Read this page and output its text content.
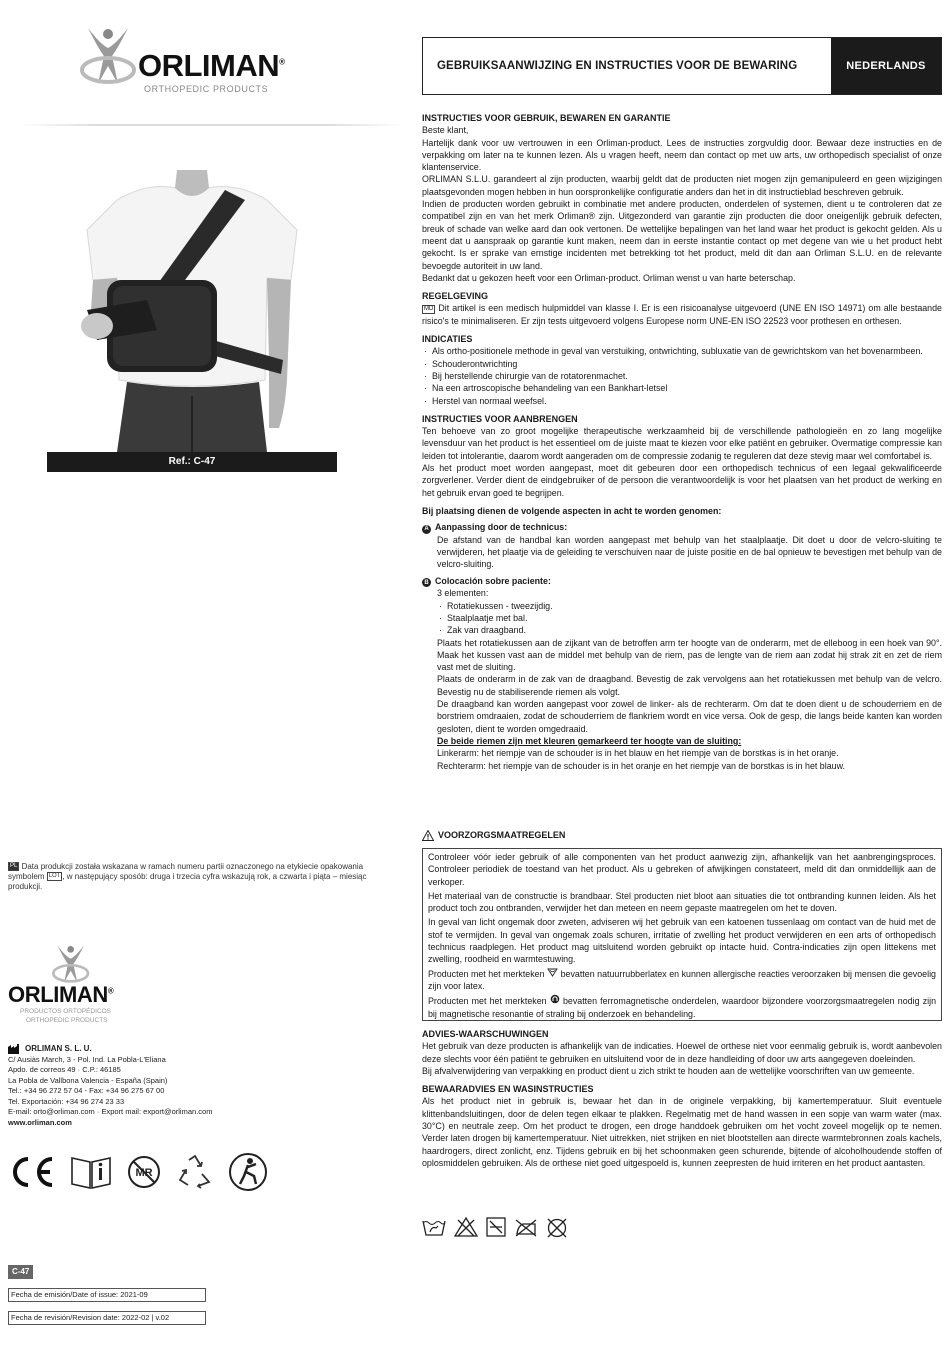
ORLIMAN®
ORTHOPEDIC PRODUCTS
Ref.: C-47
PL Data produkcji została wskazana w ramach numeru partii oznaczonego na etykiecie opakowania symbolem LOT , w następujący sposób: druga i trzecia cyfra wskazują rok, a czwarta i piąta – miesiąc produkcji.
ORLIMAN®
PRODUCTOS ORTOPÉDICOS
ORTHOPEDIC PRODUCTS
ORLIMAN S. L. U.
C/ Ausiàs March, 3 - Pol. Ind. La Pobla-L'Eliana
Apdo. de correos 49 · C.P.: 46185
La Pobla de Vallbona Valencia - España (Spain)
Tel.: +34 96 272 57 04 - Fax: +34 96 275 67 00
Tel. Exportación: +34 96 274 23 33
E-mail: orto@orliman.com · Export mail: export@orliman.com
www.orliman.com
MR
C-47
Fecha de emisión/Date of issue: 2021-09
Fecha de revisión/Revision date: 2022-02 | v.02
GEBRUIKSAANWIJZING EN INSTRUCTIES VOOR DE BEWARING	NEDERLANDS
INSTRUCTIES VOOR GEBRUIK, BEWAREN EN GARANTIE

Beste klant,

Hartelijk dank voor uw vertrouwen in een Orliman-product. Lees de instructies zorgvuldig door. Bewaar deze instructies en de verpakking om later na te kunnen lezen. Als u vragen heeft, neem dan contact op met uw arts, uw orthopedisch specialist of onze klantenservice.

ORLIMAN S.L.U. garandeert al zijn producten, waarbij geldt dat de producten niet mogen zijn gemanipuleerd en geen wijzigingen plaatsgevonden mogen hebben in hun oorspronkelijke configuratie anders dan het in dit instructieblad beschreven gebruik.

Indien de producten worden gebruikt in combinatie met andere producten, onderdelen of systemen, dient u te controleren dat ze compatibel zijn en van het merk Orliman® zijn. Uitgezonderd van garantie zijn producten die door oneigenlijk gebruik defecten, breuk of schade van welke aard dan ook vertonen. De wettelijke bepalingen van het land waar het product is gekocht gelden. Als u meent dat u aanspraak op garantie kunt maken, neem dan in eerste instantie contact op met degene van wie u het product hebt gekocht. Is er sprake van ernstige incidenten met betrekking tot het product, meld dit dan aan Orliman S.L.U. en de relevante bevoegde autoriteit in uw land.

Bedankt dat u gekozen heeft voor een Orliman-product. Orliman wenst u van harte beterschap.

REGELGEVING

MD Dit artikel is een medisch hulpmiddel van klasse I. Er is een risicoanalyse uitgevoerd (UNE EN ISO 14971) om alle bestaande risico's te minimaliseren. Er zijn tests uitgevoerd volgens Europese norm UNE-EN ISO 22523 voor prothesen en orthesen.

INDICATIES
· Als ortho-positionele methode in geval van verstuiking, ontwrichting, subluxatie van de gewrichtskom van het bovenarmbeen.
· Schouderontwrichting
· Bij herstellende chirurgie van de rotatorenmachet.
· Na een artroscopische behandeling van een Bankhart-letsel
· Herstel van normaal weefsel.
INSTRUCTIES VOOR AANBRENGEN

Ten behoeve van zo groot mogelijke therapeutische werkzaamheid bij de verschillende pathologieën en zo lang mogelijke levensduur van het product is het essentieel om de juiste maat te kiezen voor elke patiënt en gebruiker. Overmatige compressie kan leiden tot intolerantie, daarom wordt aangeraden om de compressie zodanig te reguleren dat deze stevig maar wel comfortabel is.

Als het product moet worden aangepast, moet dit gebeuren door een orthopedisch technicus of een legaal gekwalificeerde zorgverlener. Verder dient de eindgebruiker of de persoon die verantwoordelijk is voor het plaatsen van het product de werking en het gebruik ervan goed te begrijpen.

Bij plaatsing dienen de volgende aspecten in acht te worden genomen:

A Aanpassing door de technicus:

De afstand van de handbal kan worden aangepast met behulp van het staalplaatje. Dit doet u door de velcro-sluiting te verwijderen, het plaatje via de geleiding te verschuiven naar de juiste positie en de bal opnieuw te bevestigen met behulp van de velcro-sluiting.

B Colocación sobre paciente:
3 elementen:
· Rotatiekussen - tweezijdig.
· Staalplaatje met bal.
· Zak van draagband.

Plaats het rotatiekussen aan de zijkant van de betroffen arm ter hoogte van de onderarm, met de elleboog in een hoek van 90°. Maak het kussen vast aan de middel met behulp van de riem, pas de lengte van de riem aan zodat hij strak zit en zet de riem vast met de sluiting.

Plaats de onderarm in de zak van de draagband. Bevestig de zak vervolgens aan het rotatiekussen met behulp van de velcro. Bevestig nu de stabiliserende riemen als volgt.

De draagband kan worden aangepast voor zowel de linker- als de rechterarm. Om dat te doen dient u de schouderriem en de borstriem omdraaien, zodat de schouderriem de flankriem wordt en vice versa. Ook de gesp, die langs beide kanten kan worden gesloten, dient te worden omgedraaid.

De beide riemen zijn met kleuren gemarkeerd ter hoogte van de sluiting:

Linkerarm: het riempje van de schouder is in het blauw en het riempje van de borstkas is in het oranje.

Rechterarm: het riempje van de schouder is in het oranje en het riempje van de borstkas is in het blauw.

VOORZORGSMAATREGELEN

Controleer vóór ieder gebruik of alle componenten van het product aanwezig zijn, afhankelijk van het aanbrengingsproces. Controleer periodiek de toestand van het product. Als u gebreken of afwijkingen constateert, meld dit dan onmiddellijk aan de verkoper.

Het materiaal van de constructie is brandbaar. Stel producten niet bloot aan situaties die tot ontbranding kunnen leiden. Als het product toch zou ontbranden, verwijder het dan meteen en neem gepaste maatregelen om het te doven.

In geval van licht ongemak door zweten, adviseren wij het gebruik van een katoenen tussenlaag om contact van de huid met de stof te vermijden. In geval van ongemak zoals schuren, irritatie of zwelling het product verwijderen en een arts of orthopedisch technicus raadplegen. Het product mag uitsluitend worden gebruikt op intacte huid. Contra-indicaties zijn open littekens met zwelling, roodheid en warmtestuwing.

Producten met het merkteken bevatten natuurrubberlatex en kunnen allergische reacties veroorzaken bij mensen die gevoelig zijn voor latex.

Producten met het merkteken bevatten ferromagnetische onderdelen, waardoor bijzondere voorzorgsmaatregelen nodig zijn bij magnetische resonantie of straling bij onderzoek en behandeling.

ADVIES-WAARSCHUWINGEN

Het gebruik van deze producten is afhankelijk van de indicaties. Hoewel de orthese niet voor eenmalig gebruik is, wordt aanbevolen deze slechts voor één patiënt te gebruiken en uitsluitend voor de in deze handleiding of door uw arts aangegeven doeleinden.

Bij afvalverwijdering van verpakking en product dient u zich strikt te houden aan de wettelijke voorschriften van uw gemeente.

BEWAARADVIES EN WASINSTRUCTIES

Als het product niet in gebruik is, bewaar het dan in de originele verpakking, bij kamertemperatuur. Sluit eventuele klittenbandsluitingen, door de delen tegen elkaar te plakken. Regelmatig met de hand wassen in een sopje van warm water (max. 30°C) en neutrale zeep. Om het product te drogen, een droge handdoek gebruiken om het vocht zoveel mogelijk op te nemen. Verder laten drogen bij kamertemperatuur. Niet uitrekken, niet strijken en niet blootstellen aan directe warmtebronnen zoals kachels, haardrogers, direct zonlicht, enz. Tijdens gebruik en bij het schoonmaken geen schurende, bijtende of alcoholhoudende stoffen of oplosmiddelen gebruiken. Als de orthese niet goed uitgespoeld is, kunnen zeepresten de huid irriteren en het product aantasten.
